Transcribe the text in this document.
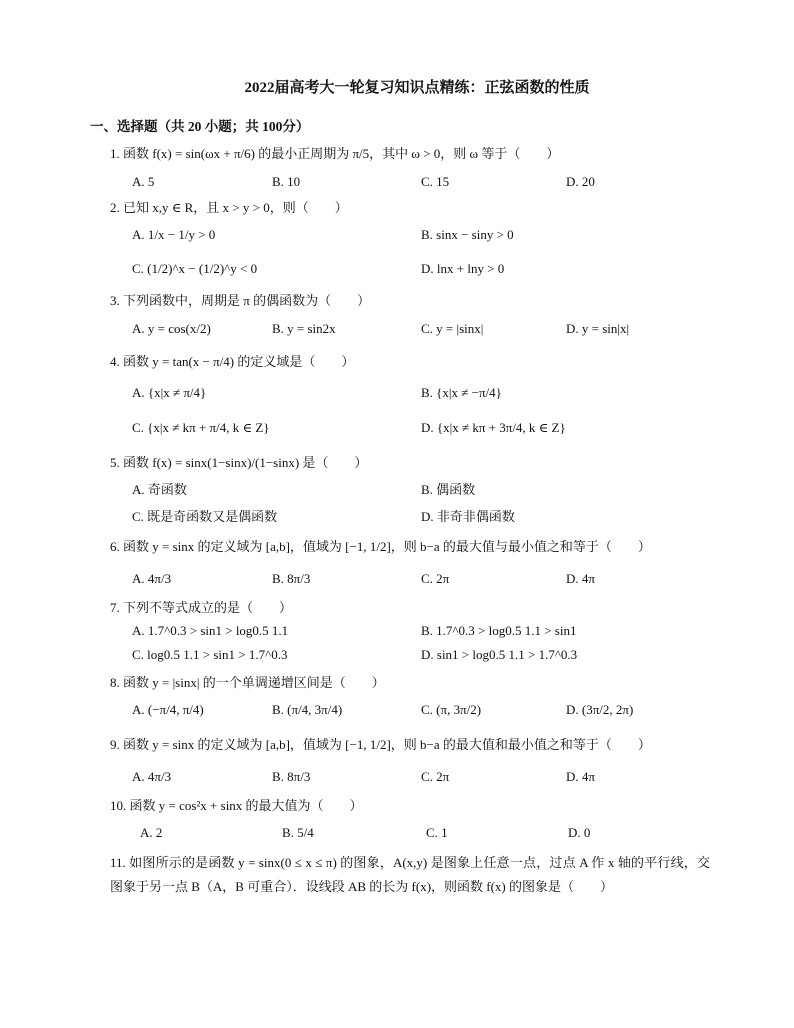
2022届高考大一轮复习知识点精练：正弦函数的性质
一、选择题（共 20 小题；共 100分）
1. 函数 f(x) = sin(ωx + π/6) 的最小正周期为 π/5，其中 ω > 0，则 ω 等于（　　）
A. 5	B. 10	C. 15	D. 20
2. 已知 x,y ∈ R，且 x > y > 0，则（　　）
A. 1/x − 1/y > 0	B. sinx − siny > 0
C. (1/2)^x − (1/2)^y < 0	D. lnx + lny > 0
3. 下列函数中，周期是 π 的偶函数为（　　）
A. y = cos(x/2)	B. y = sin2x	C. y = |sinx|	D. y = sin|x|
4. 函数 y = tan(x − π/4) 的定义域是（　　）
A. {x|x ≠ π/4}	B. {x|x ≠ −π/4}
C. {x|x ≠ kπ + π/4, k ∈ Z}	D. {x|x ≠ kπ + 3π/4, k ∈ Z}
5. 函数 f(x) = sinx(1−sinx)/(1−sinx) 是（　　）
A. 奇函数	B. 偶函数
C. 既是奇函数又是偶函数	D. 非奇非偶函数
6. 函数 y = sinx 的定义域为 [a,b]，值域为 [−1, 1/2]，则 b−a 的最大值与最小值之和等于（　　）
A. 4π/3	B. 8π/3	C. 2π	D. 4π
7. 下列不等式成立的是（　　）
A. 1.7^0.3 > sin1 > log0.5 1.1	B. 1.7^0.3 > log0.5 1.1 > sin1
C. log0.5 1.1 > sin1 > 1.7^0.3	D. sin1 > log0.5 1.1 > 1.7^0.3
8. 函数 y = |sinx| 的一个单调递增区间是（　　）
A. (−π/4, π/4)	B. (π/4, 3π/4)	C. (π, 3π/2)	D. (3π/2, 2π)
9. 函数 y = sinx 的定义域为 [a,b]，值域为 [−1, 1/2]，则 b−a 的最大值和最小值之和等于（　　）
A. 4π/3	B. 8π/3	C. 2π	D. 4π
10. 函数 y = cos²x + sinx 的最大值为（　　）
A. 2	B. 5/4	C. 1	D. 0
11. 如图所示的是函数 y = sinx(0 ≤ x ≤ π) 的图象，A(x,y) 是图象上任意一点，过点 A 作 x 轴的平行线，交图象于另一点 B（A，B 可重合）．设线段 AB 的长为 f(x)，则函数 f(x) 的图象是（　　）
